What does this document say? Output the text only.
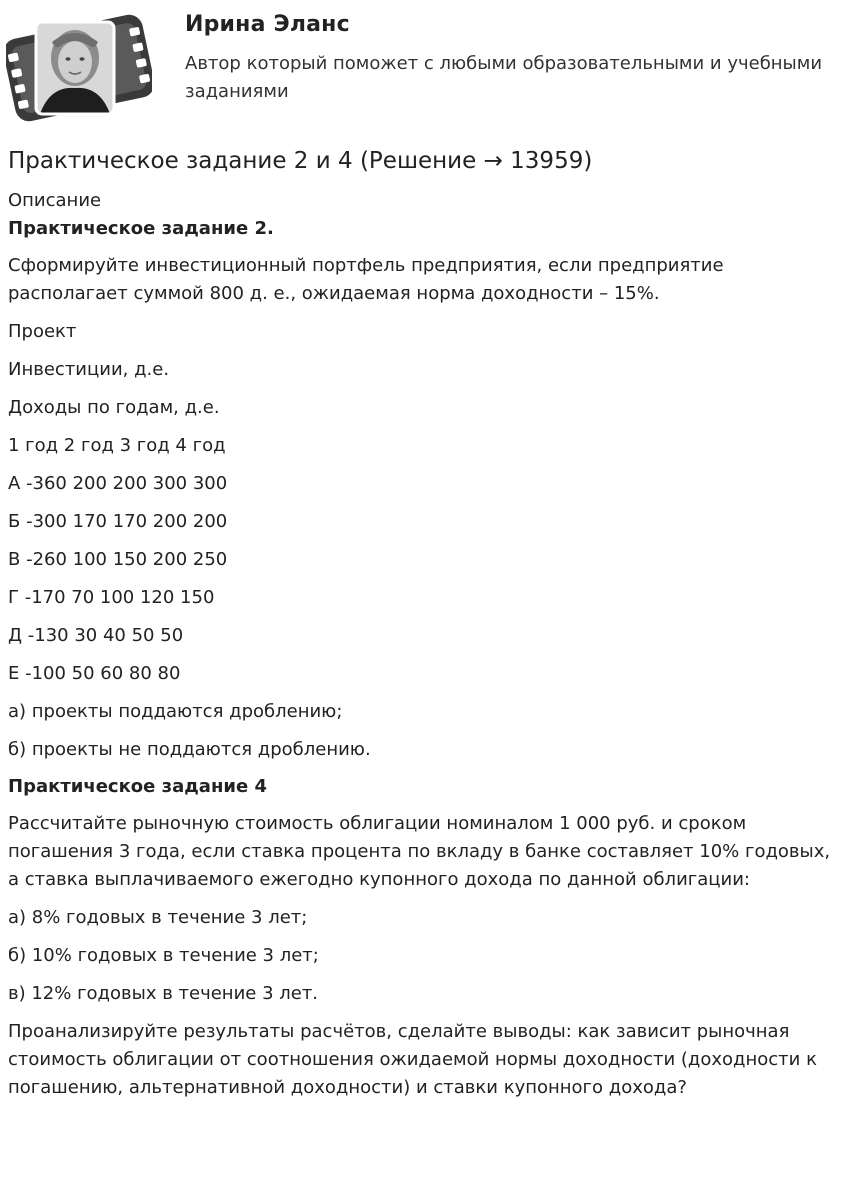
Ирина Эланс
Автор который поможет с любыми образовательными и учебными заданиями
Практическое задание 2 и 4 (Решение → 13959)
Описание
Практическое задание 2.
Сформируйте инвестиционный портфель предприятия, если предприятие располагает суммой 800 д. е., ожидаемая норма доходности – 15%.
Проект
Инвестиции, д.е.
Доходы по годам, д.е.
1 год 2 год 3 год 4 год
А -360 200 200 300 300
Б -300 170 170 200 200
В -260 100 150 200 250
Г -170 70 100 120 150
Д -130 30 40 50 50
Е -100 50 60 80 80
а) проекты поддаются дроблению;
б) проекты не поддаются дроблению.
Практическое задание 4
Рассчитайте рыночную стоимость облигации номиналом 1 000 руб. и сроком погашения 3 года, если ставка процента по вкладу в банке составляет 10% годовых, а ставка выплачиваемого ежегодно купонного дохода по данной облигации:
а) 8% годовых в течение 3 лет;
б) 10% годовых в течение 3 лет;
в) 12% годовых в течение 3 лет.
Проанализируйте результаты расчётов, сделайте выводы: как зависит рыночная стоимость облигации от соотношения ожидаемой нормы доходности (доходности к погашению, альтернативной доходности) и ставки купонного дохода?
